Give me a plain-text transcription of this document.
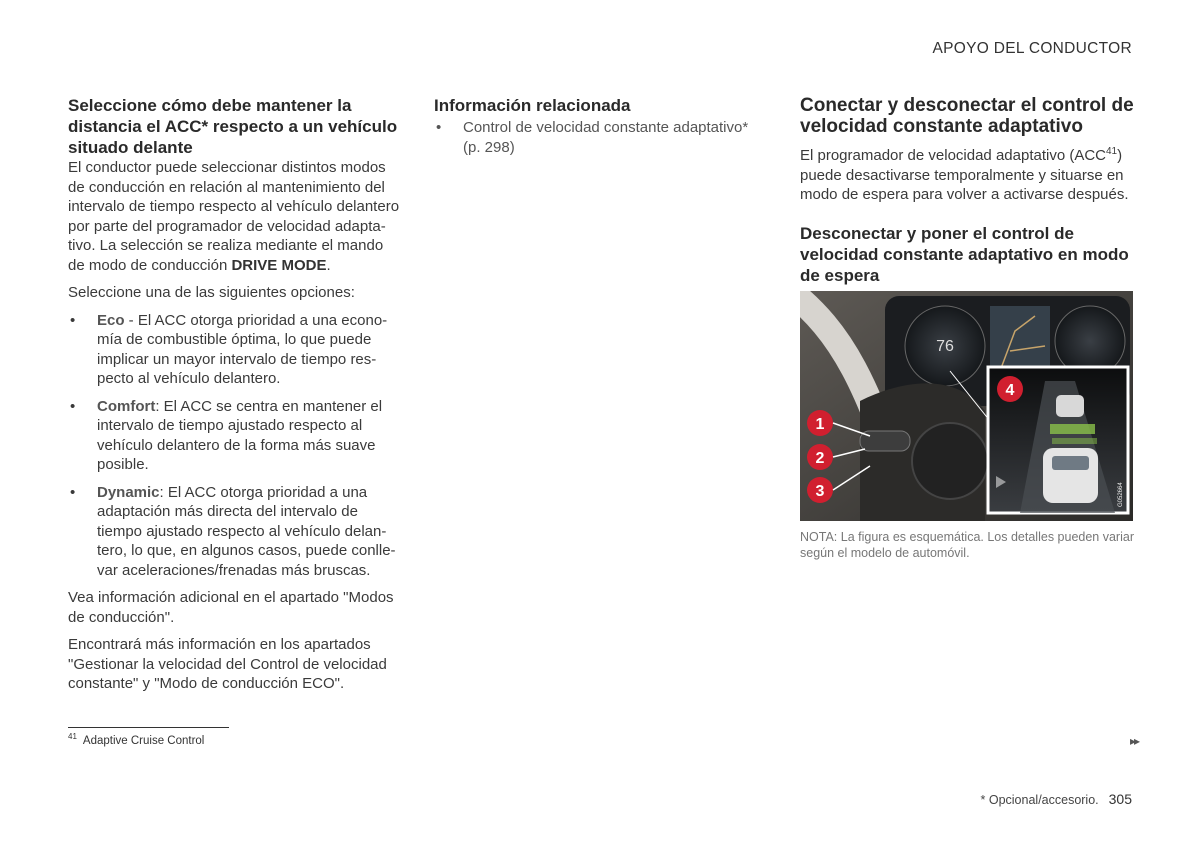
APOYO DEL CONDUCTOR
Seleccione cómo debe mantener la distancia el ACC* respecto a un vehículo situado delante

El conductor puede seleccionar distintos modos de conducción en relación al mantenimiento del intervalo de tiempo respecto al vehículo delantero por parte del programador de velocidad adaptativo. La selección se realiza mediante el mando de modo de conducción DRIVE MODE.

Seleccione una de las siguientes opciones:

• Eco - El ACC otorga prioridad a una economía de combustible óptima, lo que puede implicar un mayor intervalo de tiempo respecto al vehículo delantero.
• Comfort: El ACC se centra en mantener el intervalo de tiempo ajustado respecto al vehículo delantero de la forma más suave posible.
• Dynamic: El ACC otorga prioridad a una adaptación más directa del intervalo de tiempo ajustado respecto al vehículo delantero, lo que, en algunos casos, puede conllevar aceleraciones/frenadas más bruscas.

Vea información adicional en el apartado "Modos de conducción".

Encontrará más información en los apartados "Gestionar la velocidad del Control de velocidad constante" y "Modo de conducción ECO".

Información relacionada
• Control de velocidad constante adaptativo* (p. 298)
Conectar y desconectar el control de velocidad constante adaptativo

El programador de velocidad adaptativo (ACC$^{41}$) puede desactivarse temporalmente y situarse en modo de espera para volver a activarse después.

Desconectar y poner el control de velocidad constante adaptativo en modo de espera
76
G052664
1
2
3
4
NOTA: La figura es esquemática. Los detalles pueden variar según el modelo de automóvil.
$^{41}$ Adaptive Cruise Control	▸▸
* Opcional/accesorio. 305
